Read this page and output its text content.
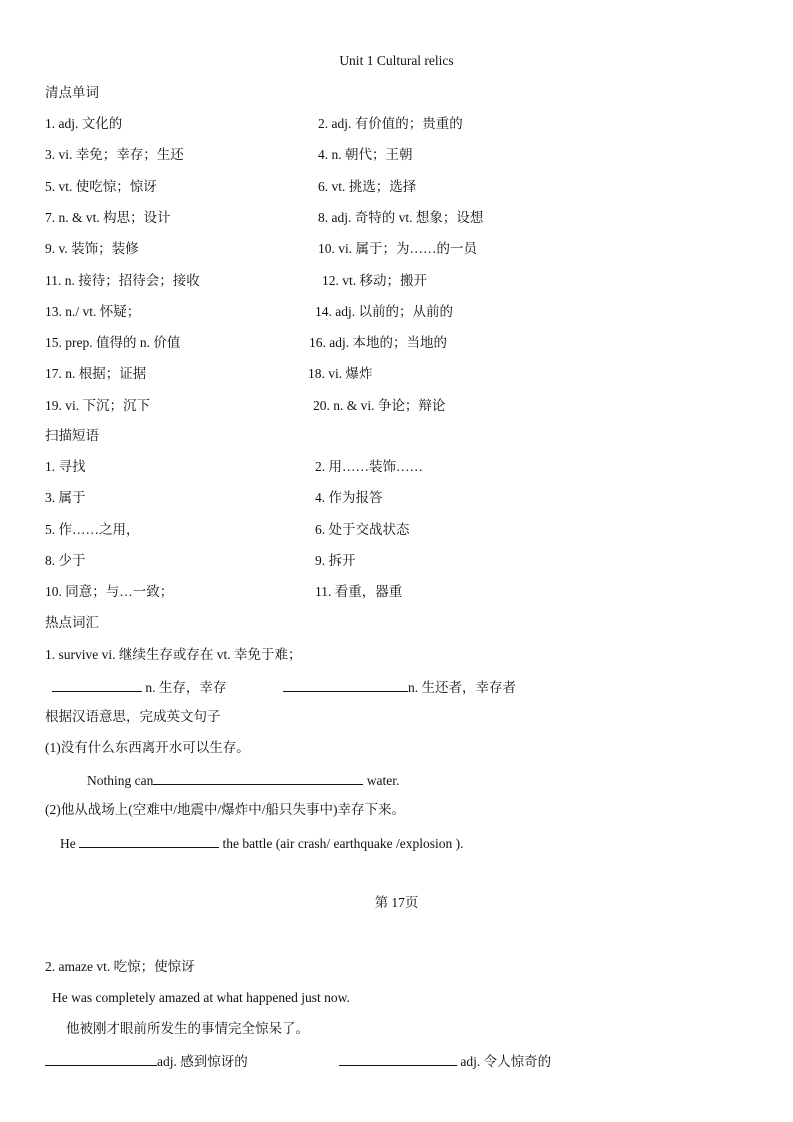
Unit 1 Cultural relics
清点单词
1. adj. 文化的	2. adj. 有价值的；贵重的
3. vi. 幸免；幸存；生还	4. n. 朝代；王朝
5. vt. 使吃惊；惊讶	6. vt. 挑选；选择
7. n. & vt. 构思；设计	8. adj. 奇特的 vt. 想象；设想
9. v. 装饰；装修	10. vi. 属于；为……的一员
11. n. 接待；招待会；接收	12. vt. 移动；搬开
13. n./ vt. 怀疑；	14. adj. 以前的；从前的
15. prep. 值得的 n. 价值	16. adj. 本地的；当地的
17. n. 根据；证据	18. vi. 爆炸
19. vi. 下沉；沉下	20. n. & vi. 争论；辩论
扫描短语
1. 寻找	2. 用……装饰……
3. 属于	4. 作为报答
5. 作……之用，	6. 处于交战状态
8. 少于	9. 拆开
10. 同意；与…一致；	11. 看重，器重
热点词汇
1. survive vi. 继续生存或存在 vt. 幸免于难；
n. 生存，幸存	n. 生还者，幸存者
根据汉语意思，完成英文句子
(1)没有什么东西离开水可以生存。
Nothing can	water.
(2)他从战场上(空难中/地震中/爆炸中/船只失事中)幸存下来。
He	the battle (air crash/ earthquake /explosion ).
第 17页
2. amaze vt. 吃惊；使惊讶
He was completely amazed at what happened just now.
他被刚才眼前所发生的事情完全惊呆了。
adj. 感到惊讶的	adj. 令人惊奇的
